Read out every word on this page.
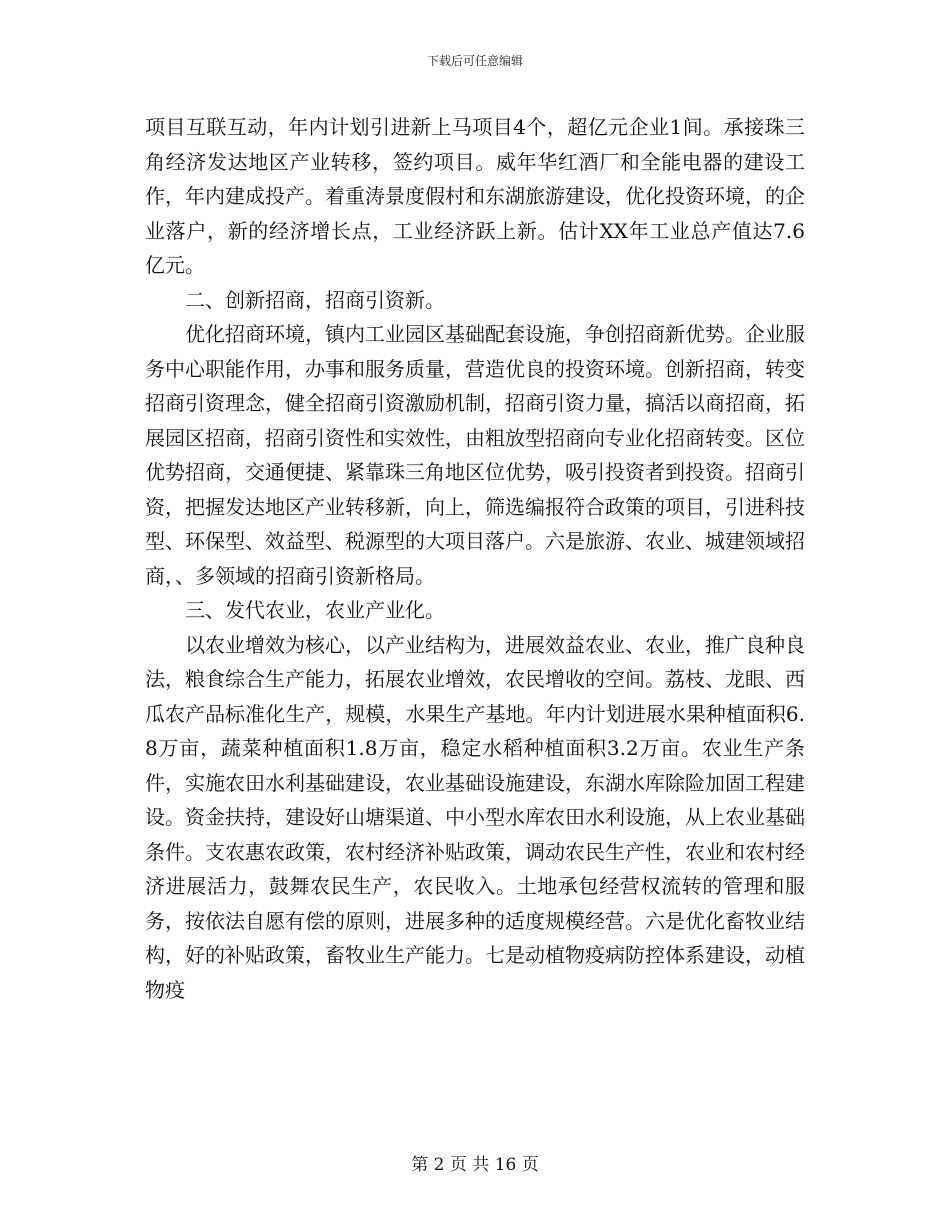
下载后可任意编辑

项目互联互动，年内计划引进新上马项目4个，超亿元企业1间。承接珠三角经济发达地区产业转移，签约项目。威年华红酒厂和全能电器的建设工作，年内建成投产。着重涛景度假村和东湖旅游建设，优化投资环境，的企业落户，新的经济增长点，工业经济跃上新。估计XX年工业总产值达7.6亿元。

二、创新招商，招商引资新。

优化招商环境，镇内工业园区基础配套设施，争创招商新优势。企业服务中心职能作用，办事和服务质量，营造优良的投资环境。创新招商，转变招商引资理念，健全招商引资激励机制，招商引资力量，搞活以商招商，拓展园区招商，招商引资性和实效性，由粗放型招商向专业化招商转变。区位优势招商，交通便捷、紧靠珠三角地区位优势，吸引投资者到投资。招商引资，把握发达地区产业转移新，向上，筛选编报符合政策的项目，引进科技型、环保型、效益型、税源型的大项目落户。六是旅游、农业、城建领域招商，、多领域的招商引资新格局。

三、发代农业，农业产业化。

以农业增效为核心，以产业结构为，进展效益农业、农业，推广良种良法，粮食综合生产能力，拓展农业增效，农民增收的空间。荔枝、龙眼、西瓜农产品标准化生产，规模，水果生产基地。年内计划进展水果种植面积6.8万亩，蔬菜种植面积1.8万亩，稳定水稻种植面积3.2万亩。农业生产条件，实施农田水利基础建设，农业基础设施建设，东湖水库除险加固工程建设。资金扶持，建设好山塘渠道、中小型水库农田水利设施，从上农业基础条件。支农惠农政策，农村经济补贴政策，调动农民生产性，农业和农村经济进展活力，鼓舞农民生产，农民收入。土地承包经营权流转的管理和服务，按依法自愿有偿的原则，进展多种的适度规模经营。六是优化畜牧业结构，好的补贴政策，畜牧业生产能力。七是动植物疫病防控体系建设，动植物疫

第 2 页 共 16 页
